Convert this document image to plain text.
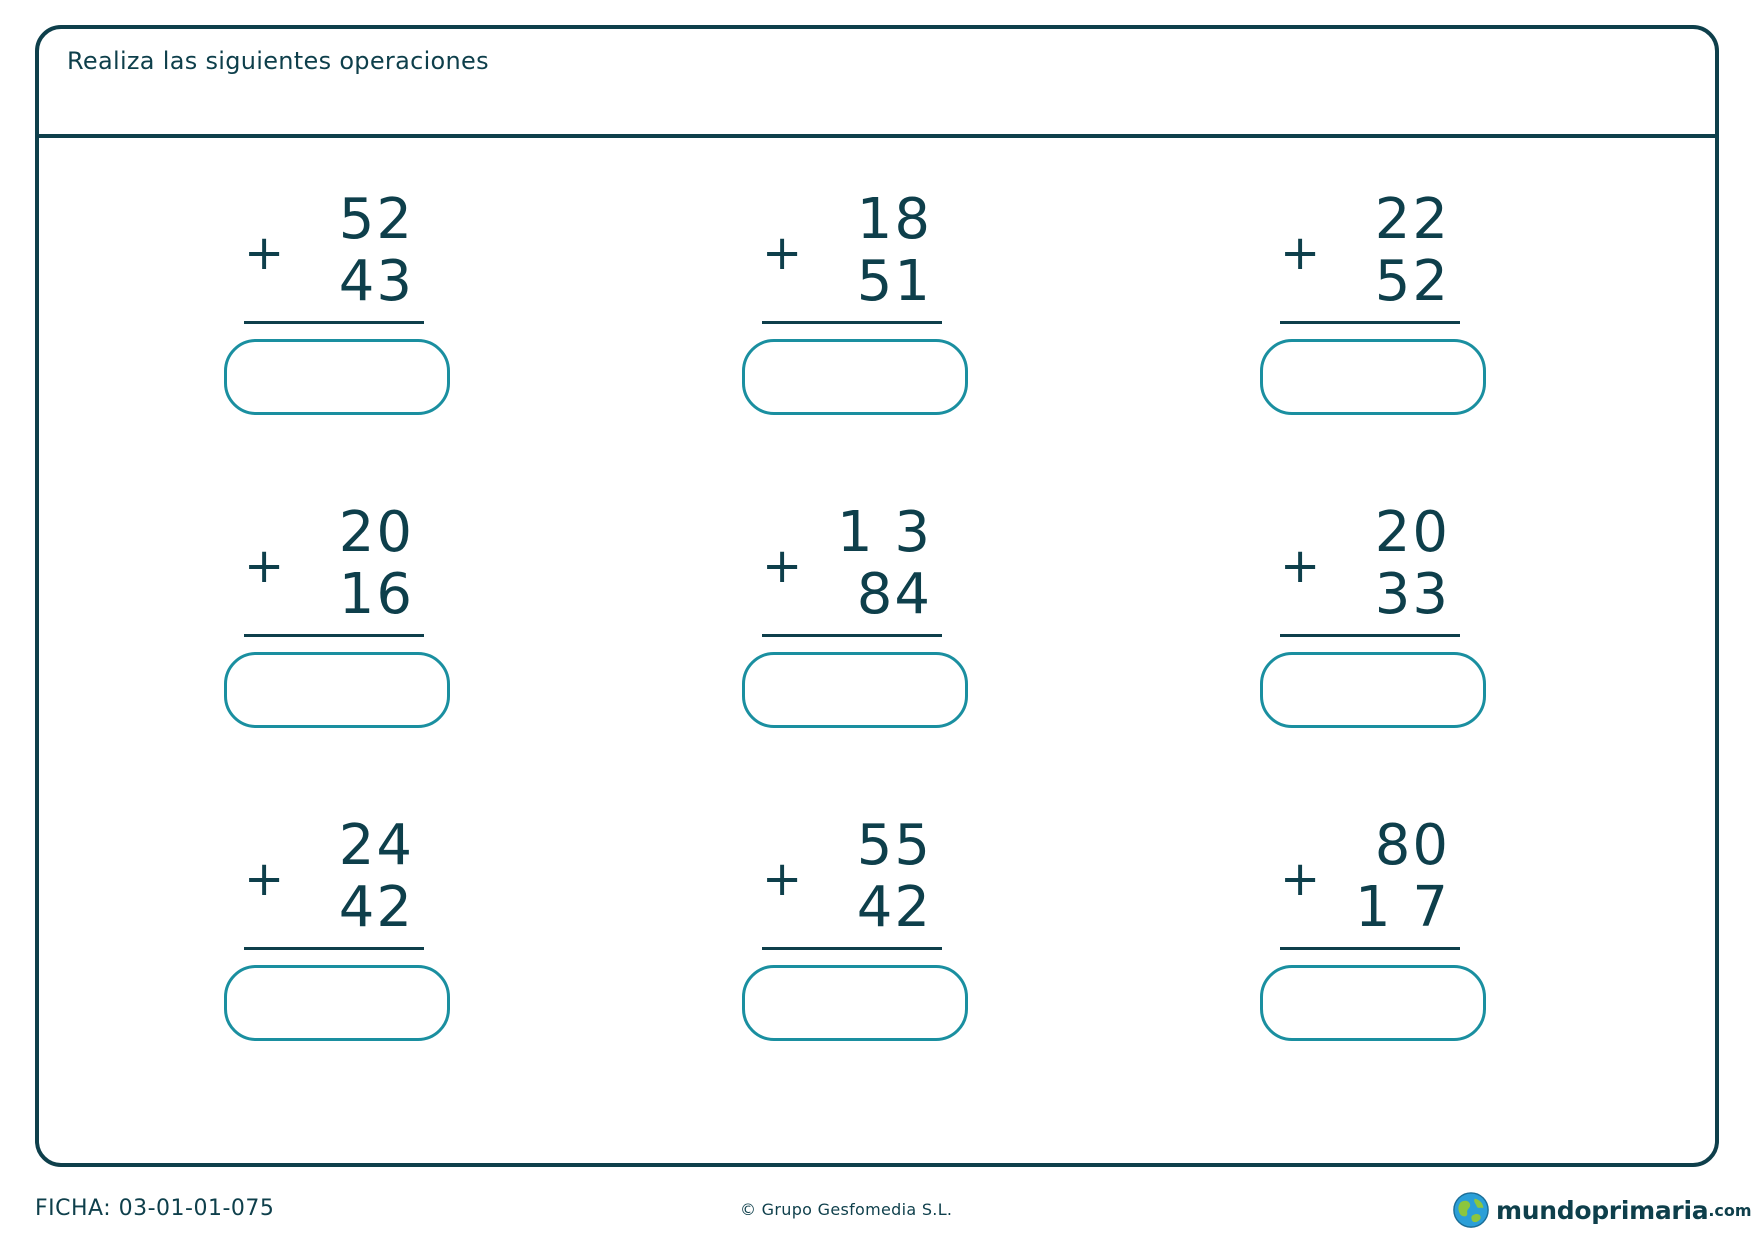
Realiza las siguientes operaciones
+
52
43	+
18
51	+
22
52
+
20
16	+
1 3
84	+
20
33
+
24
42	+
55
42	+
80
1 7
FICHA: 03-01-01-075	© Grupo Gesfomedia S.L.	mundoprimaria .com
